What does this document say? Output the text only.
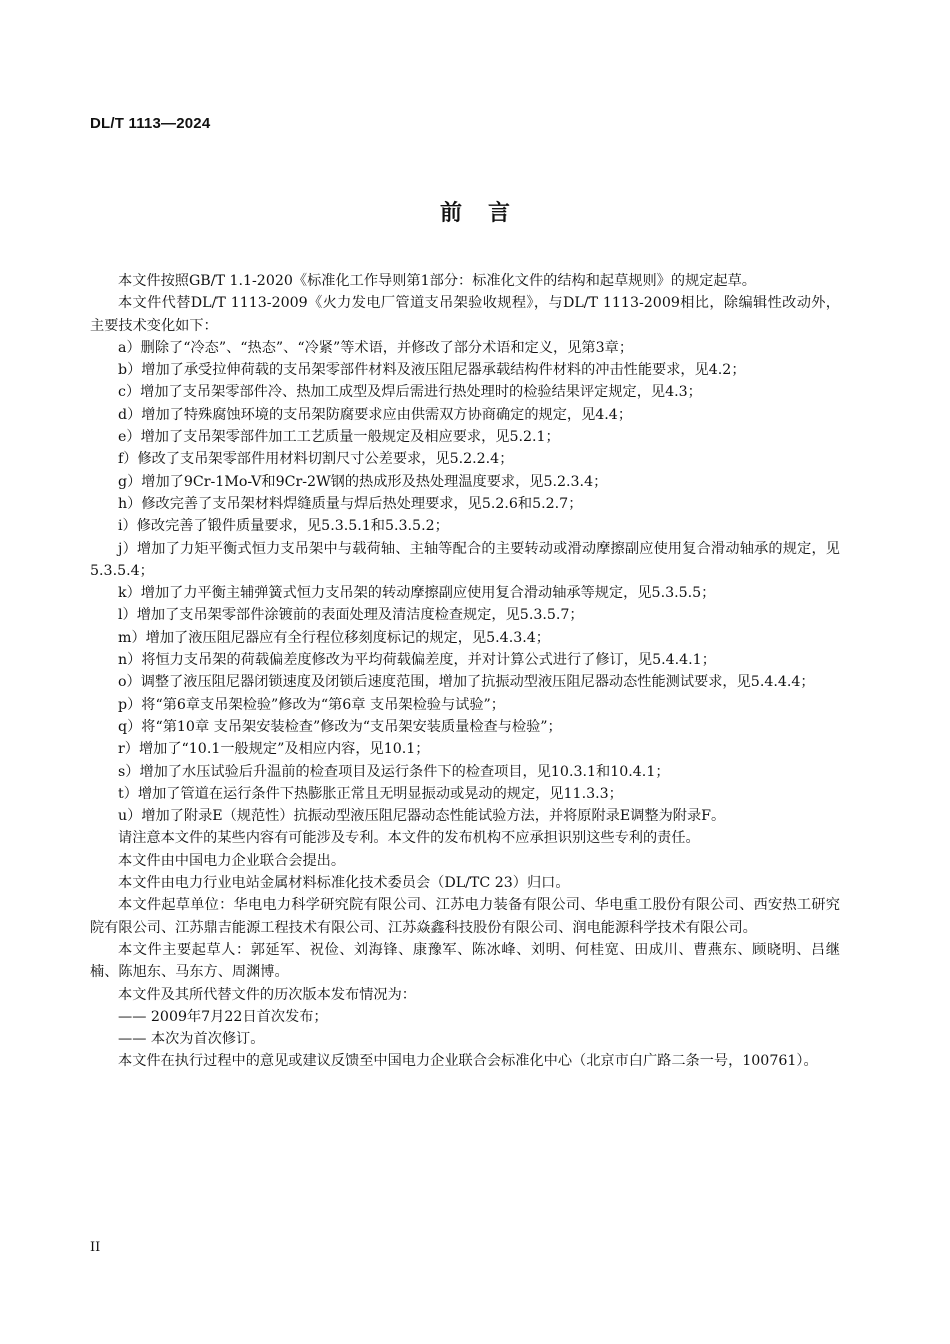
DL/T 1113—2024
前言

本文件按照GB/T 1.1-2020《标准化工作导则第1部分：标准化文件的结构和起草规则》的规定起草。

本文件代替DL/T 1113-2009《火力发电厂管道支吊架验收规程》，与DL/T 1113-2009相比，除编辑性改动外，主要技术变化如下：

a）删除了“冷态”、“热态”、“冷紧”等术语，并修改了部分术语和定义，见第3章；

b）增加了承受拉伸荷载的支吊架零部件材料及液压阻尼器承载结构件材料的冲击性能要求，见4.2；

c）增加了支吊架零部件冷、热加工成型及焊后需进行热处理时的检验结果评定规定，见4.3；

d）增加了特殊腐蚀环境的支吊架防腐要求应由供需双方协商确定的规定，见4.4；

e）增加了支吊架零部件加工工艺质量一般规定及相应要求，见5.2.1；

f）修改了支吊架零部件用材料切割尺寸公差要求，见5.2.2.4；

g）增加了9Cr-1Mo-V和9Cr-2W钢的热成形及热处理温度要求，见5.2.3.4；

h）修改完善了支吊架材料焊缝质量与焊后热处理要求，见5.2.6和5.2.7；

i）修改完善了锻件质量要求，见5.3.5.1和5.3.5.2；

j）增加了力矩平衡式恒力支吊架中与载荷轴、主轴等配合的主要转动或滑动摩擦副应使用复合滑动轴承的规定，见5.3.5.4；

k）增加了力平衡主辅弹簧式恒力支吊架的转动摩擦副应使用复合滑动轴承等规定，见5.3.5.5；

l）增加了支吊架零部件涂镀前的表面处理及清洁度检查规定，见5.3.5.7；

m）增加了液压阻尼器应有全行程位移刻度标记的规定，见5.4.3.4；

n）将恒力支吊架的荷载偏差度修改为平均荷载偏差度，并对计算公式进行了修订，见5.4.4.1；

o）调整了液压阻尼器闭锁速度及闭锁后速度范围，增加了抗振动型液压阻尼器动态性能测试要求，见5.4.4.4；

p）将“第6章支吊架检验”修改为“第6章 支吊架检验与试验”；

q）将“第10章 支吊架安装检查”修改为“支吊架安装质量检查与检验”；

r）增加了“10.1一般规定”及相应内容，见10.1；

s）增加了水压试验后升温前的检查项目及运行条件下的检查项目，见10.3.1和10.4.1；

t）增加了管道在运行条件下热膨胀正常且无明显振动或晃动的规定，见11.3.3；

u）增加了附录E（规范性）抗振动型液压阻尼器动态性能试验方法，并将原附录E调整为附录F。

请注意本文件的某些内容有可能涉及专利。本文件的发布机构不应承担识别这些专利的责任。

本文件由中国电力企业联合会提出。

本文件由电力行业电站金属材料标准化技术委员会（DL/TC 23）归口。

本文件起草单位：华电电力科学研究院有限公司、江苏电力装备有限公司、华电重工股份有限公司、西安热工研究院有限公司、江苏鼎吉能源工程技术有限公司、江苏焱鑫科技股份有限公司、润电能源科学技术有限公司。

本文件主要起草人：郭延军、祝俭、刘海锋、康豫军、陈冰峰、刘明、何桂宽、田成川、曹燕东、顾晓明、吕继楠、陈旭东、马东方、周渊博。

本文件及其所代替文件的历次版本发布情况为：

—— 2009年7月22日首次发布；

—— 本次为首次修订。

本文件在执行过程中的意见或建议反馈至中国电力企业联合会标准化中心（北京市白广路二条一号，100761）。

II
